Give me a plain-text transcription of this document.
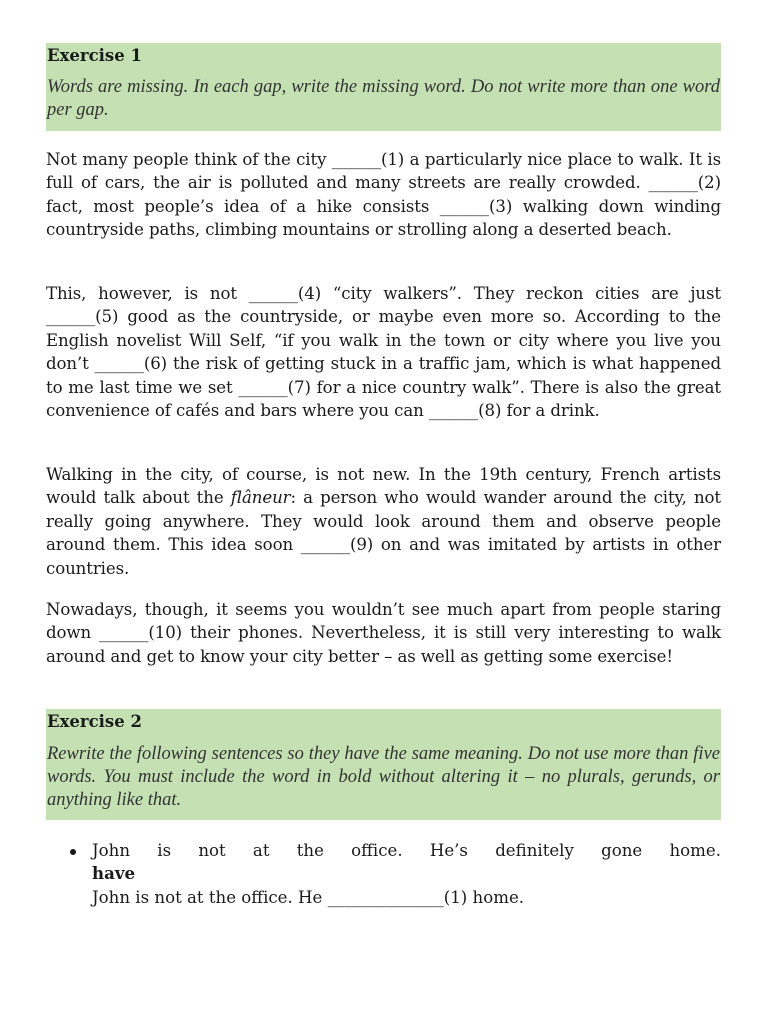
Exercise 1

Words are missing. In each gap, write the missing word. Do not write more than one word per gap.

Not many people think of the city ______(1) a particularly nice place to walk. It is full of cars, the air is polluted and many streets are really crowded. ______(2) fact, most people’s idea of a hike consists ______(3) walking down winding countryside paths, climbing mountains or strolling along a deserted beach.

This, however, is not ______(4) “city walkers”. They reckon cities are just ______(5) good as the countryside, or maybe even more so. According to the English novelist Will Self, “if you walk in the town or city where you live you don’t ______(6) the risk of getting stuck in a traffic jam, which is what happened to me last time we set ______(7) for a nice country walk”. There is also the great convenience of cafés and bars where you can ______(8) for a drink.

Walking in the city, of course, is not new. In the 19th century, French artists would talk about the flâneur: a person who would wander around the city, not really going anywhere. They would look around them and observe people around them. This idea soon ______(9) on and was imitated by artists in other countries.

Nowadays, though, it seems you wouldn’t see much apart from people staring down ______(10) their phones. Nevertheless, it is still very interesting to walk around and get to know your city better – as well as getting some exercise!

Exercise 2

Rewrite the following sentences so they have the same meaning. Do not use more than five words. You must include the word in bold without altering it – no plurals, gerunds, or anything like that.

John is not at the office. He’s definitely gone home.
have
John is not at the office. He ______________(1) home.
